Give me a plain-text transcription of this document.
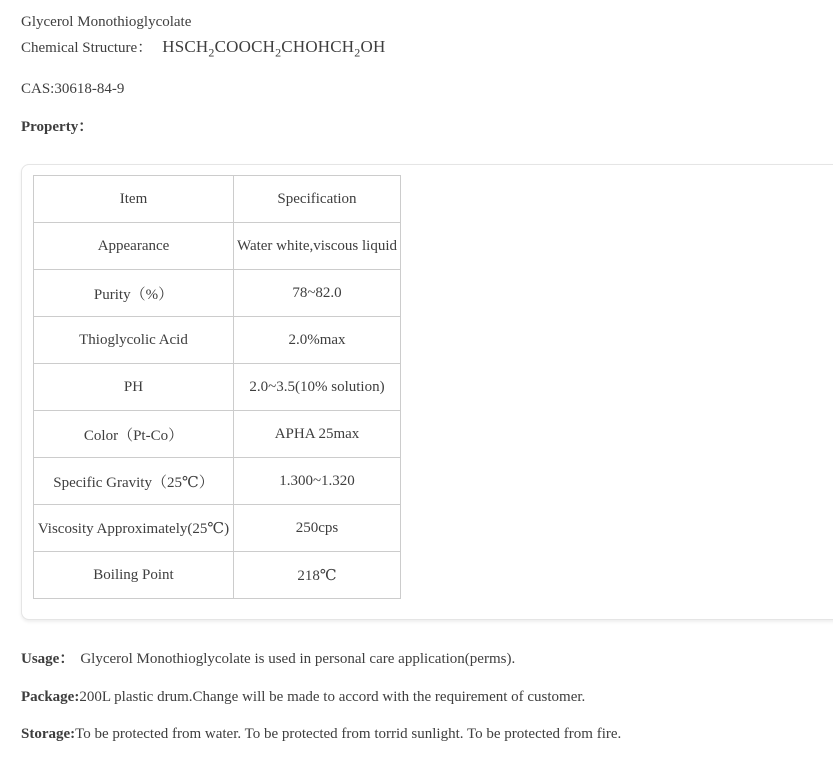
Glycerol Monothioglycolate
Chemical Structure： $HSCH_2COOCH_2CHOHCH_2OH$
CAS:30618-84-9
Property：
Item	Specification
Appearance	Water white,viscous liquid
Purity（%）	78~82.0
Thioglycolic Acid	2.0%max
PH	2.0~3.5(10% solution)
Color（Pt-Co）	APHA 25max
Specific Gravity（25℃）	1.300~1.320
Viscosity Approximately(25℃)	250cps
Boiling Point	218℃

Usage： Glycerol Monothioglycolate is used in personal care application(perms).

Package:200L plastic drum.Change will be made to accord with the requirement of customer.

Storage:To be protected from water. To be protected from torrid sunlight. To be protected from fire.
